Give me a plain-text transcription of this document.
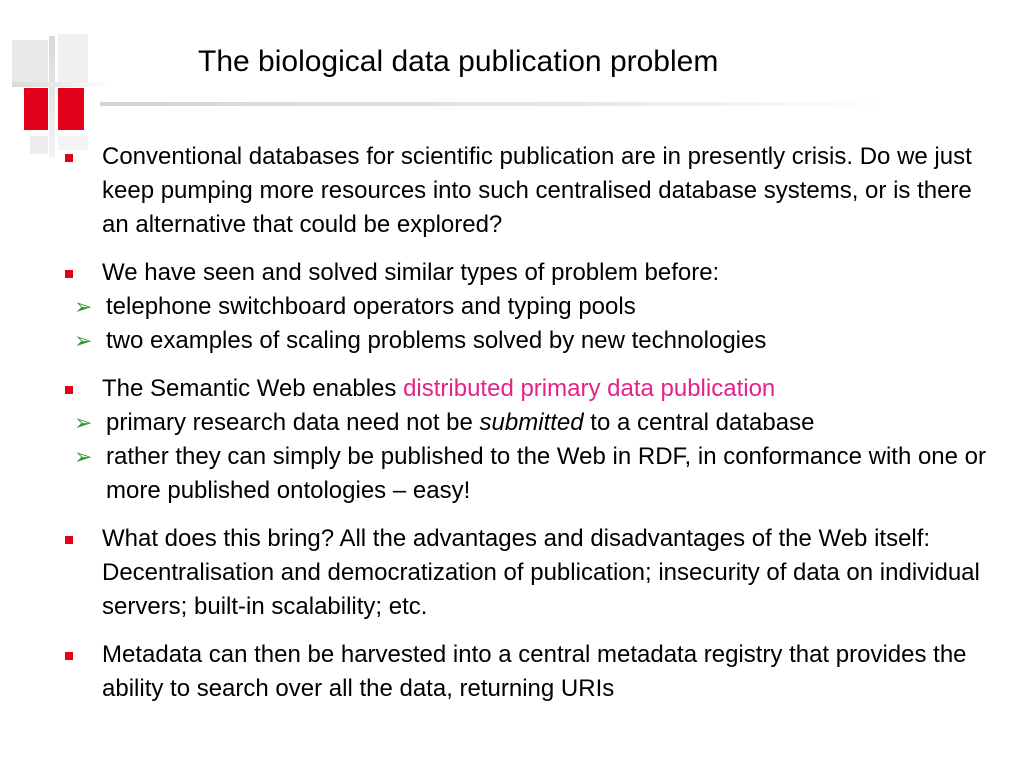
The biological data publication problem
Conventional databases for scientific publication are in presently crisis. Do we just keep pumping more resources into such centralised database systems, or is there an alternative that could be explored?
We have seen and solved similar types of problem before:
➢ telephone switchboard operators and typing pools
➢ two examples of scaling problems solved by new technologies
The Semantic Web enables distributed primary data publication
➢ primary research data need not be submitted to a central database
➢ rather they can simply be published to the Web in RDF, in conformance with one or more published ontologies – easy!
What does this bring? All the advantages and disadvantages of the Web itself: Decentralisation and democratization of publication; insecurity of data on individual servers; built-in scalability; etc.
Metadata can then be harvested into a central metadata registry that provides the ability to search over all the data, returning URIs
